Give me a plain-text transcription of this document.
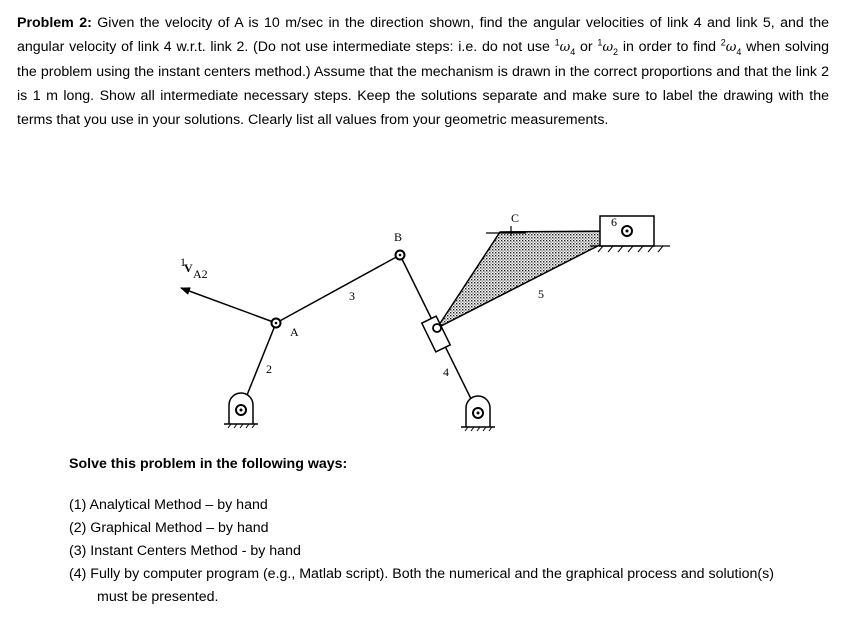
Problem 2: Given the velocity of A is 10 m/sec in the direction shown, find the angular velocities of link 4 and link 5, and the angular velocity of link 4 w.r.t. link 2. (Do not use intermediate steps: i.e. do not use $^1\omega_4$ or $^1\omega_2$ in order to find $^2\omega_4$ when solving the problem using the instant centers method.) Assume that the mechanism is drawn in the correct proportions and that the link 2 is 1 m long. Show all intermediate necessary steps. Keep the solutions separate and make sure to label the drawing with the terms that you use in your solutions. Clearly list all values from your geometric measurements.

1
V A2
A
B
C
2
3
4
5
6

Solve this problem in the following ways:

(1) Analytical Method – by hand
(2) Graphical Method – by hand
(3) Instant Centers Method - by hand
(4) Fully by computer program (e.g., Matlab script). Both the numerical and the graphical process and solution(s) must be presented.
